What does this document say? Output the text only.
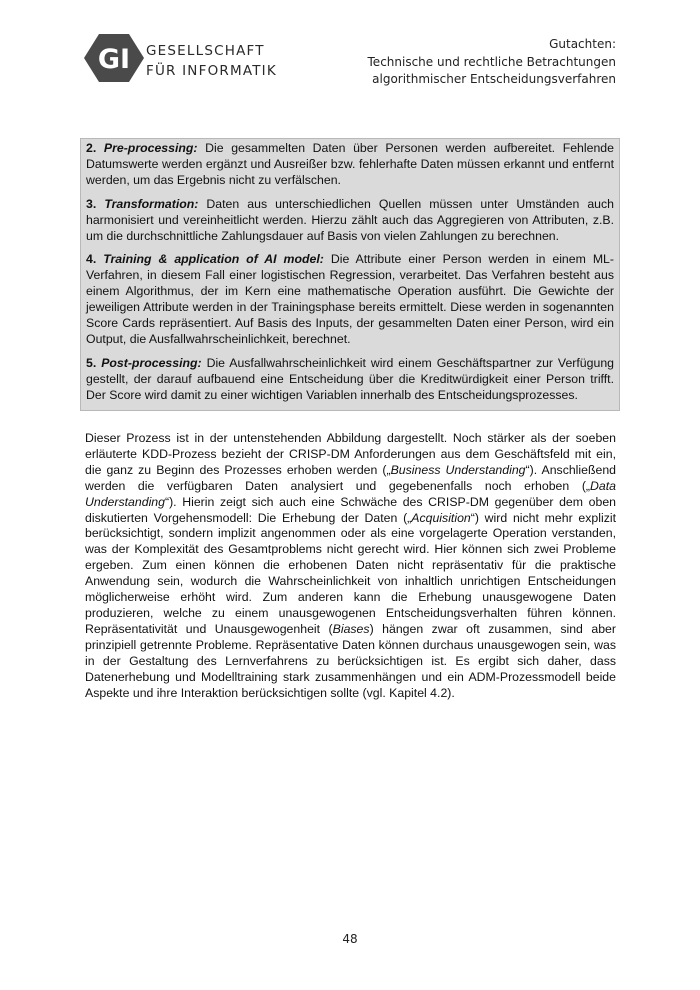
GI GESELLSCHAFT
FÜR INFORMATIK
Gutachten:
Technische und rechtliche Betrachtungen
algorithmischer Entscheidungsverfahren

2. Pre-processing: Die gesammelten Daten über Personen werden aufbereitet. Fehlende Datumswerte werden ergänzt und Ausreißer bzw. fehlerhafte Daten müssen erkannt und entfernt werden, um das Ergebnis nicht zu verfälschen.

3. Transformation: Daten aus unterschiedlichen Quellen müssen unter Umständen auch harmonisiert und vereinheitlicht werden. Hierzu zählt auch das Aggregieren von Attributen, z.B. um die durchschnittliche Zahlungsdauer auf Basis von vielen Zahlungen zu berechnen.

4. Training & application of AI model: Die Attribute einer Person werden in einem ML-Verfahren, in diesem Fall einer logistischen Regression, verarbeitet. Das Verfahren besteht aus einem Algorithmus, der im Kern eine mathematische Operation ausführt. Die Gewichte der jeweiligen Attribute werden in der Trainingsphase bereits ermittelt. Diese werden in sogenannten Score Cards repräsentiert. Auf Basis des Inputs, der gesammelten Daten einer Person, wird ein Output, die Ausfallwahrscheinlichkeit, berechnet.

5. Post-processing: Die Ausfallwahrscheinlichkeit wird einem Geschäftspartner zur Verfügung gestellt, der darauf aufbauend eine Entscheidung über die Kreditwürdigkeit einer Person trifft. Der Score wird damit zu einer wichtigen Variablen innerhalb des Entscheidungsprozesses.

Dieser Prozess ist in der untenstehenden Abbildung dargestellt. Noch stärker als der soeben erläuterte KDD-Prozess bezieht der CRISP-DM Anforderungen aus dem Geschäftsfeld mit ein, die ganz zu Beginn des Prozesses erhoben werden („Business Understanding“). Anschließend werden die verfügbaren Daten analysiert und gegebenenfalls noch erhoben („Data Understanding“). Hierin zeigt sich auch eine Schwäche des CRISP-DM gegenüber dem oben diskutierten Vorgehensmodell: Die Erhebung der Daten („Acquisition“) wird nicht mehr explizit berücksichtigt, sondern implizit angenommen oder als eine vorgelagerte Operation verstanden, was der Komplexität des Gesamtproblems nicht gerecht wird. Hier können sich zwei Probleme ergeben. Zum einen können die erhobenen Daten nicht repräsentativ für die praktische Anwendung sein, wodurch die Wahrscheinlichkeit von inhaltlich unrichtigen Entscheidungen möglicherweise erhöht wird. Zum anderen kann die Erhebung unausgewogene Daten produzieren, welche zu einem unausgewogenen Entscheidungsverhalten führen können. Repräsentativität und Unausgewogenheit (Biases) hängen zwar oft zusammen, sind aber prinzipiell getrennte Probleme. Repräsentative Daten können durchaus unausgewogen sein, was in der Gestaltung des Lernverfahrens zu berücksichtigen ist. Es ergibt sich daher, dass Datenerhebung und Modelltraining stark zusammenhängen und ein ADM-Prozessmodell beide Aspekte und ihre Interaktion berücksichtigen sollte (vgl. Kapitel 4.2).

48
